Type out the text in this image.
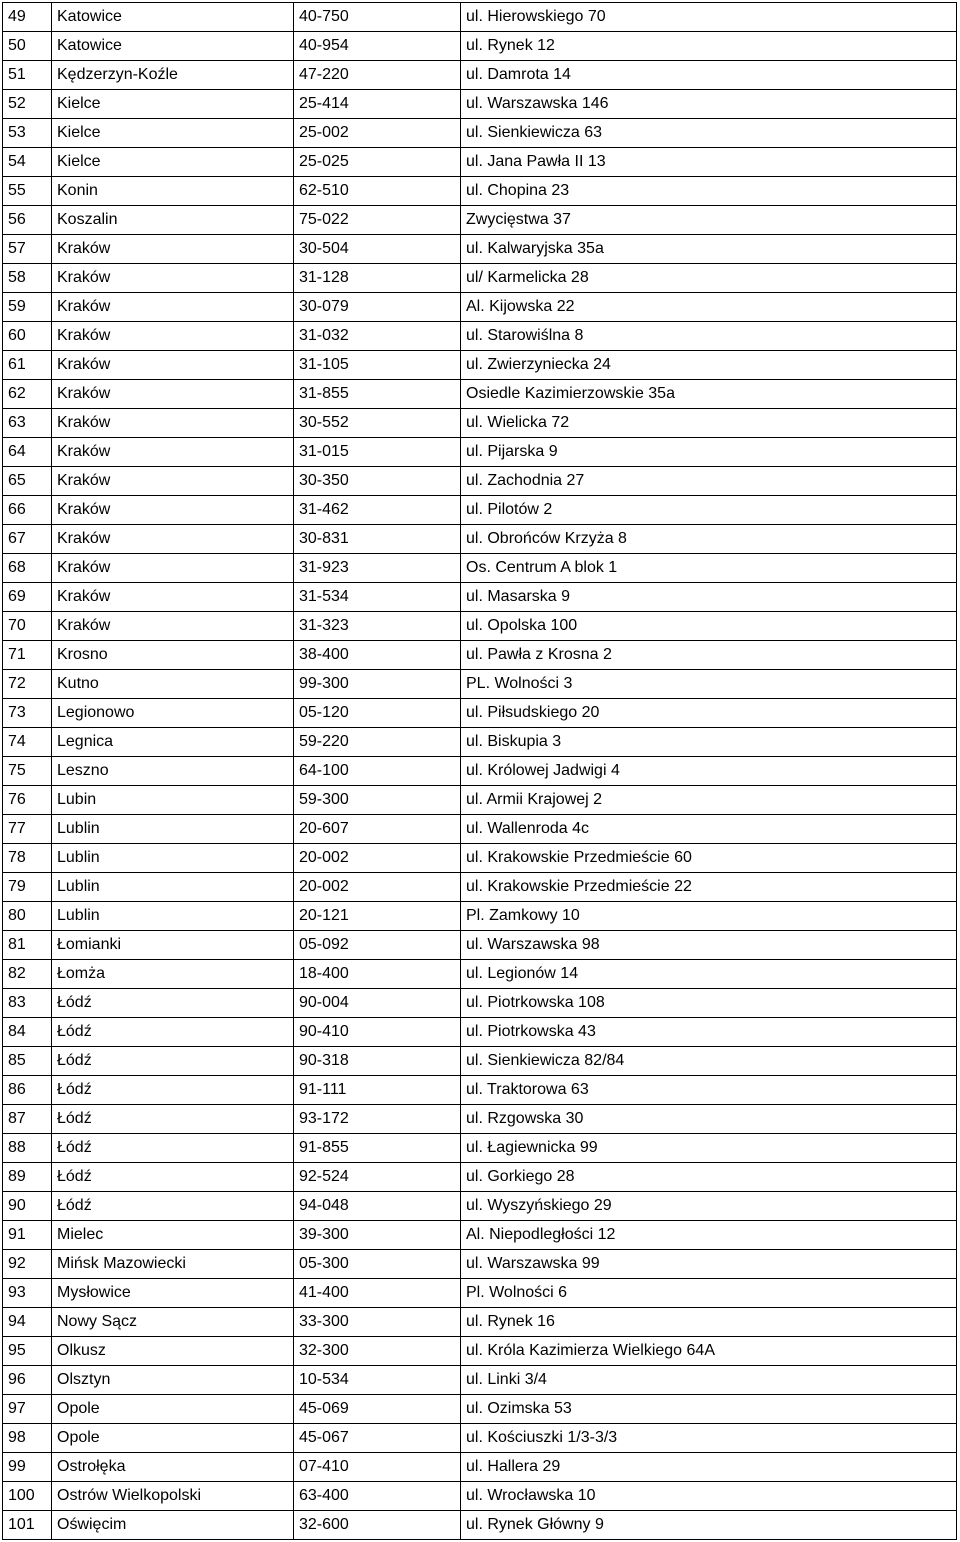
49	Katowice	40-750	ul. Hierowskiego 70
50	Katowice	40-954	ul. Rynek 12
51	Kędzerzyn-Koźle	47-220	ul. Damrota 14
52	Kielce	25-414	ul. Warszawska 146
53	Kielce	25-002	ul. Sienkiewicza 63
54	Kielce	25-025	ul. Jana Pawła II 13
55	Konin	62-510	ul. Chopina 23
56	Koszalin	75-022	Zwycięstwa 37
57	Kraków	30-504	ul. Kalwaryjska 35a
58	Kraków	31-128	ul/ Karmelicka 28
59	Kraków	30-079	Al. Kijowska 22
60	Kraków	31-032	ul. Starowiślna 8
61	Kraków	31-105	ul. Zwierzyniecka 24
62	Kraków	31-855	Osiedle Kazimierzowskie 35a
63	Kraków	30-552	ul. Wielicka 72
64	Kraków	31-015	ul. Pijarska 9
65	Kraków	30-350	ul. Zachodnia 27
66	Kraków	31-462	ul. Pilotów 2
67	Kraków	30-831	ul. Obrońców Krzyża 8
68	Kraków	31-923	Os. Centrum A blok 1
69	Kraków	31-534	ul. Masarska 9
70	Kraków	31-323	ul. Opolska 100
71	Krosno	38-400	ul. Pawła z Krosna 2
72	Kutno	99-300	PL. Wolności 3
73	Legionowo	05-120	ul. Piłsudskiego 20
74	Legnica	59-220	ul. Biskupia 3
75	Leszno	64-100	ul. Królowej Jadwigi 4
76	Lubin	59-300	ul. Armii Krajowej 2
77	Lublin	20-607	ul. Wallenroda 4c
78	Lublin	20-002	ul. Krakowskie Przedmieście 60
79	Lublin	20-002	ul. Krakowskie Przedmieście 22
80	Lublin	20-121	Pl. Zamkowy 10
81	Łomianki	05-092	ul. Warszawska 98
82	Łomża	18-400	ul. Legionów 14
83	Łódź	90-004	ul. Piotrkowska 108
84	Łódź	90-410	ul. Piotrkowska 43
85	Łódź	90-318	ul. Sienkiewicza 82/84
86	Łódź	91-111	ul. Traktorowa 63
87	Łódź	93-172	ul. Rzgowska 30
88	Łódź	91-855	ul. Łagiewnicka 99
89	Łódź	92-524	ul. Gorkiego 28
90	Łódź	94-048	ul. Wyszyńskiego 29
91	Mielec	39-300	Al. Niepodległości 12
92	Mińsk Mazowiecki	05-300	ul. Warszawska 99
93	Mysłowice	41-400	Pl. Wolności 6
94	Nowy Sącz	33-300	ul. Rynek 16
95	Olkusz	32-300	ul. Króla Kazimierza Wielkiego 64A
96	Olsztyn	10-534	ul. Linki 3/4
97	Opole	45-069	ul. Ozimska 53
98	Opole	45-067	ul. Kościuszki 1/3-3/3
99	Ostrołęka	07-410	ul. Hallera 29
100	Ostrów Wielkopolski	63-400	ul. Wrocławska 10
101	Oświęcim	32-600	ul. Rynek Główny 9
